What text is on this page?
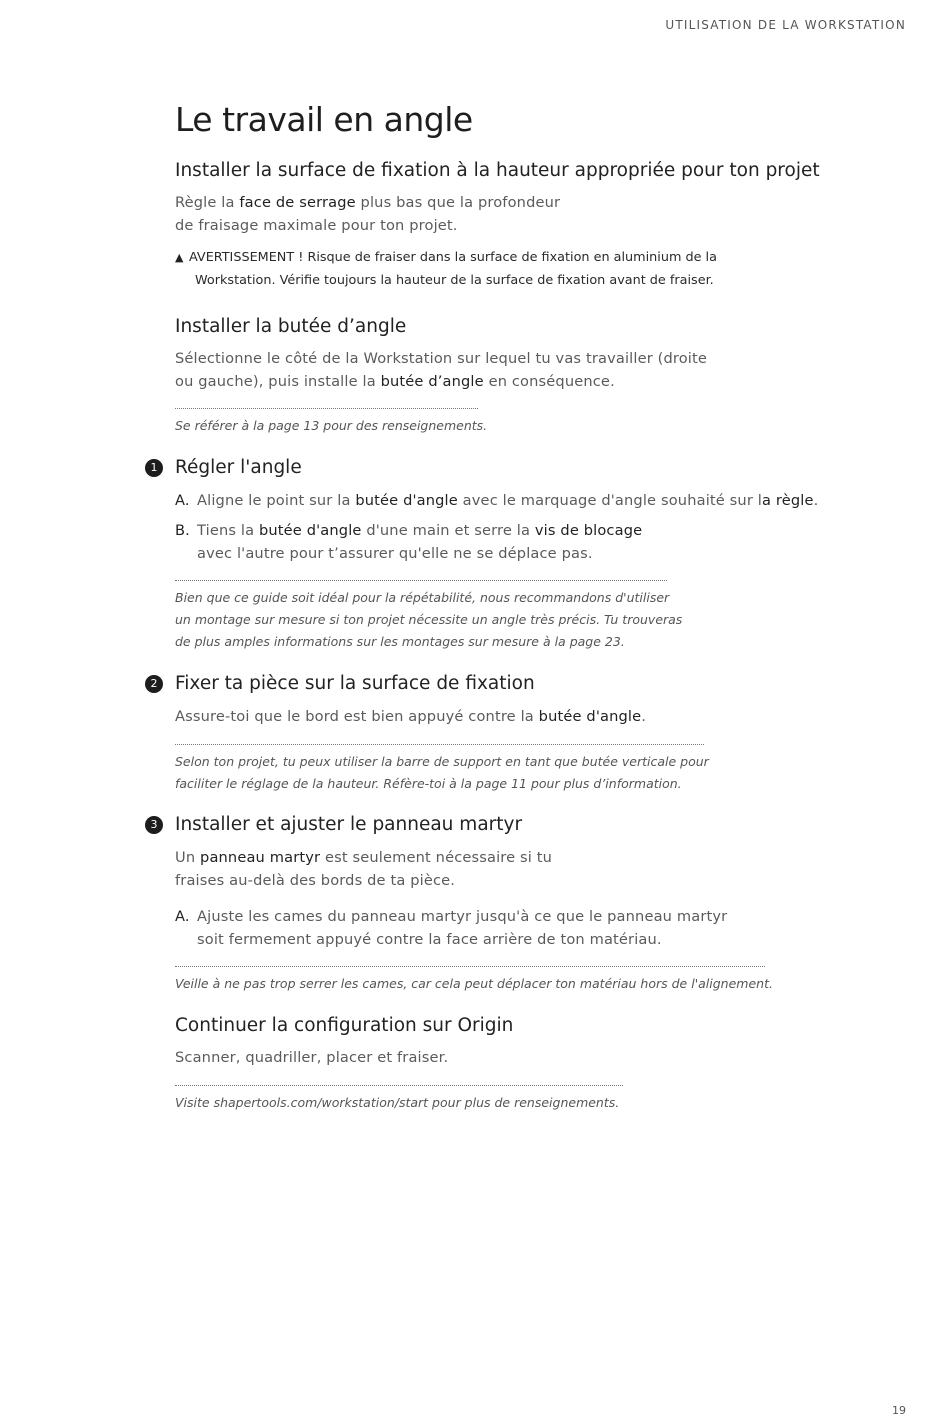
UTILISATION DE LA WORKSTATION
Le travail en angle
Installer la surface de fixation à la hauteur appropriée pour ton projet
Règle la face de serrage plus bas que la profondeur
de fraisage maximale pour ton projet.
▲ AVERTISSEMENT ! Risque de fraiser dans la surface de fixation en aluminium de la
Workstation. Vérifie toujours la hauteur de la surface de fixation avant de fraiser.
Installer la butée d’angle
Sélectionne le côté de la Workstation sur lequel tu vas travailler (droite
ou gauche), puis installe la butée d’angle en conséquence.
Se référer à la page 13 pour des renseignements.
1 Régler l'angle
A. Aligne le point sur la butée d'angle avec le marquage d'angle souhaité sur la règle.
B. Tiens la butée d'angle d'une main et serre la vis de blocage
avec l'autre pour t’assurer qu'elle ne se déplace pas.
Bien que ce guide soit idéal pour la répétabilité, nous recommandons d'utiliser
un montage sur mesure si ton projet nécessite un angle très précis. Tu trouveras
de plus amples informations sur les montages sur mesure à la page 23.
2 Fixer ta pièce sur la surface de fixation
Assure-toi que le bord est bien appuyé contre la butée d'angle.
Selon ton projet, tu peux utiliser la barre de support en tant que butée verticale pour
faciliter le réglage de la hauteur. Réfère-toi à la page 11 pour plus d’information.
3 Installer et ajuster le panneau martyr
Un panneau martyr est seulement nécessaire si tu
fraises au-delà des bords de ta pièce.
A. Ajuste les cames du panneau martyr jusqu'à ce que le panneau martyr
soit fermement appuyé contre la face arrière de ton matériau.
Veille à ne pas trop serrer les cames, car cela peut déplacer ton matériau hors de l'alignement.
Continuer la configuration sur Origin
Scanner, quadriller, placer et fraiser.
Visite shapertools.com/workstation/start pour plus de renseignements.
19
